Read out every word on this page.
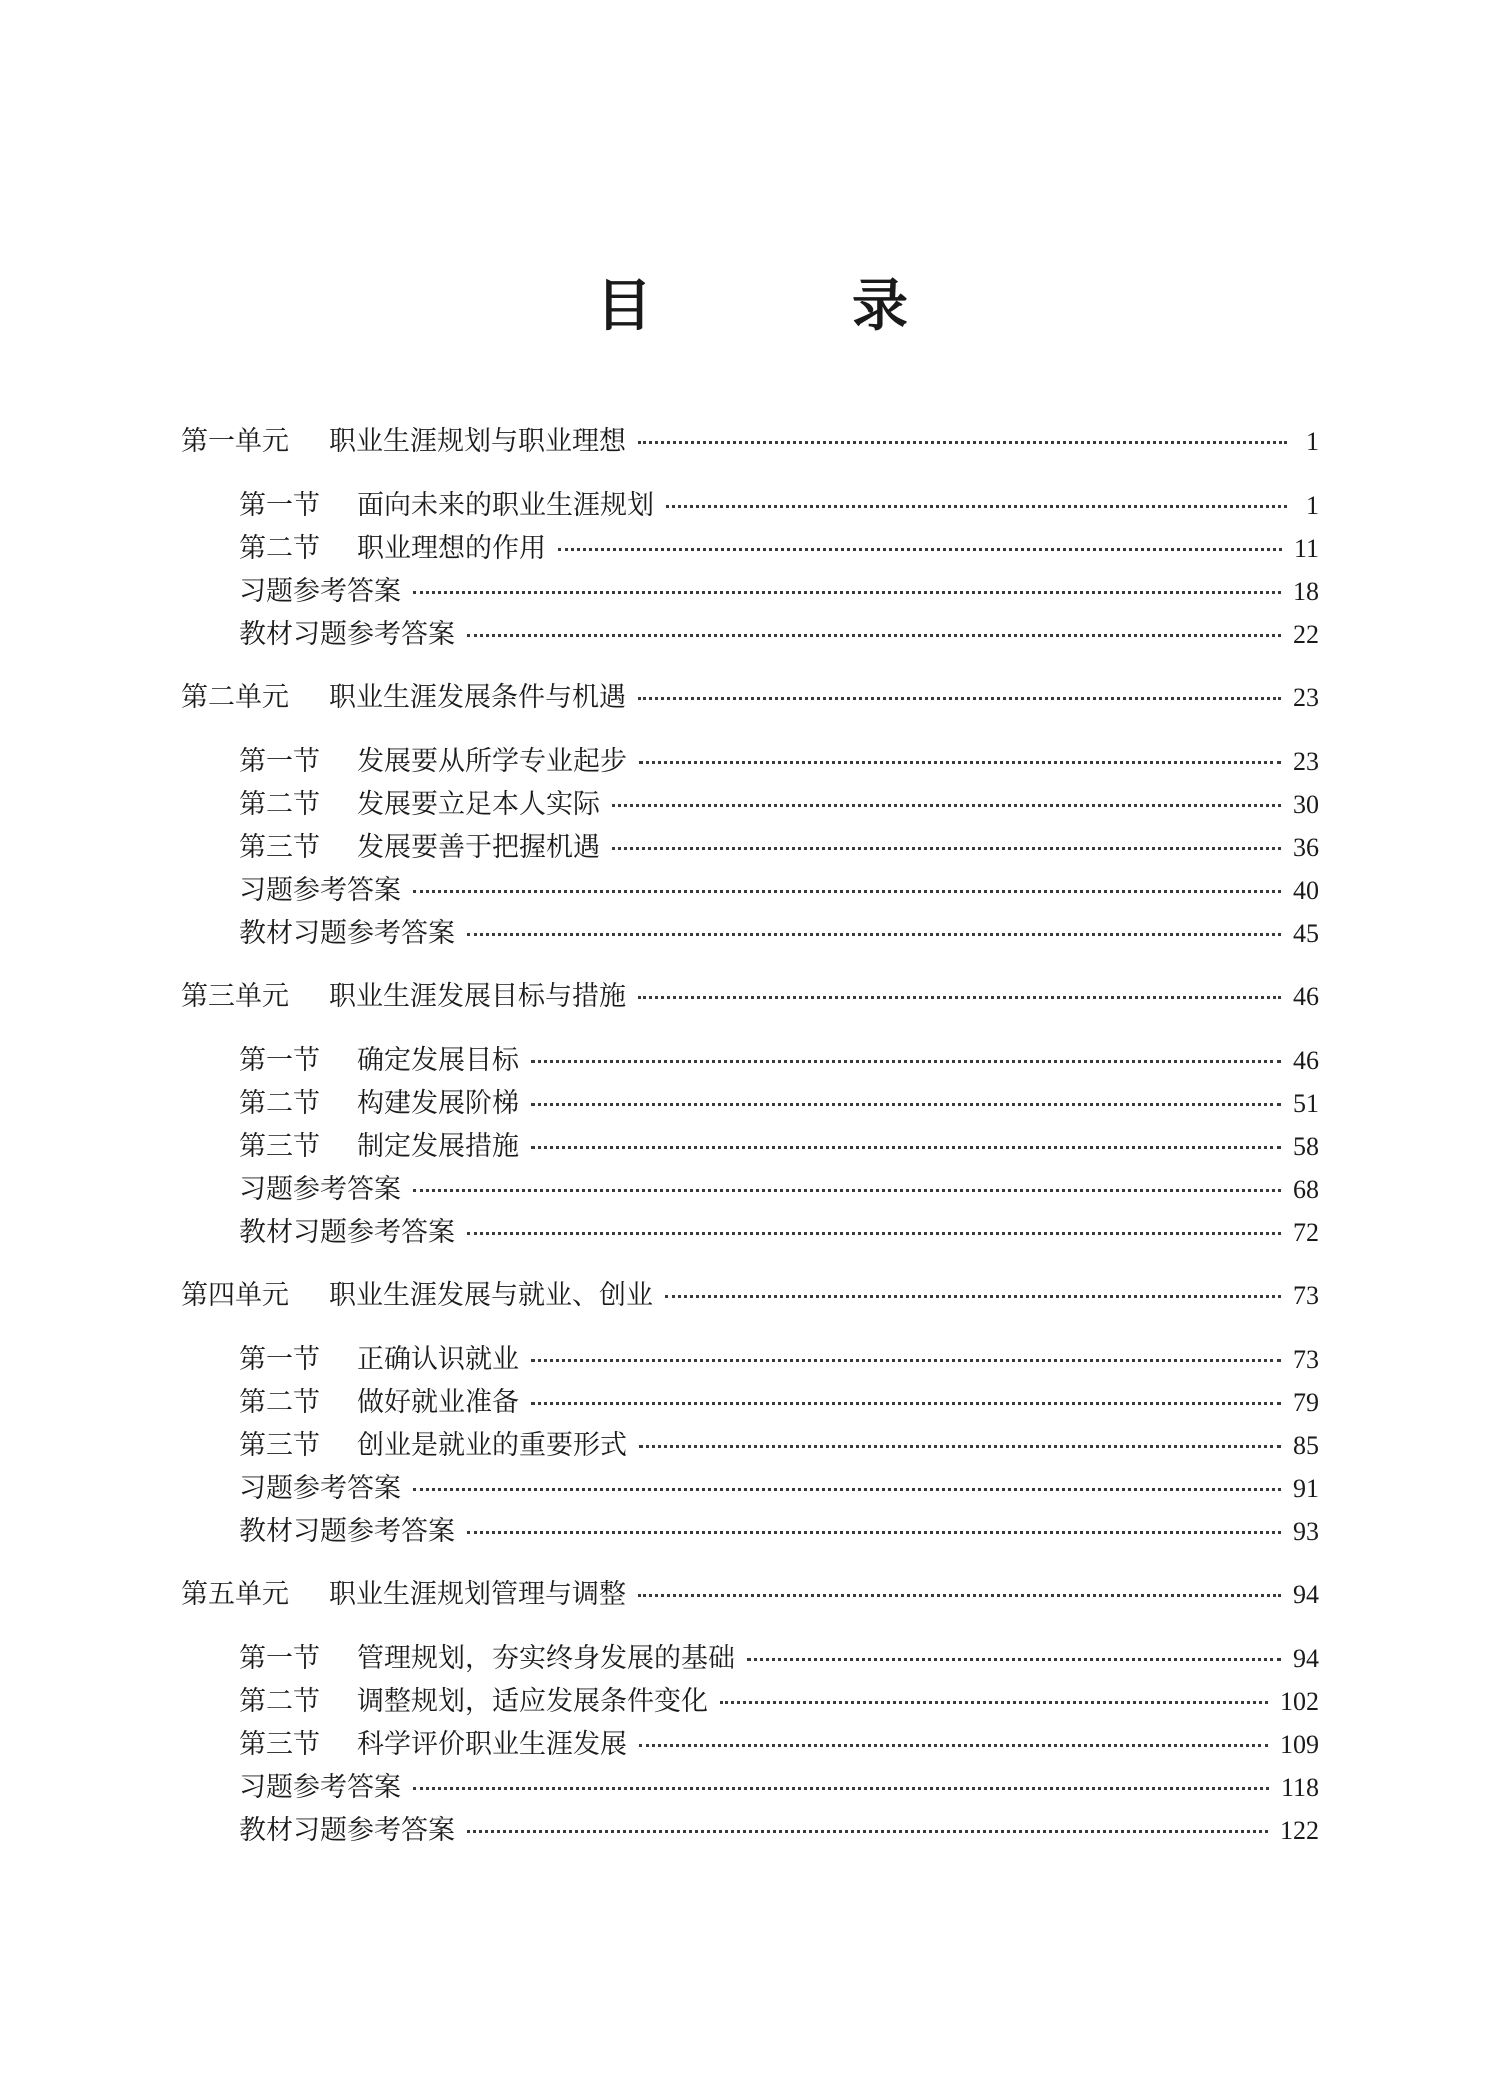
目　录
第一单元	职业生涯规划与职业理想	1
第一节	面向未来的职业生涯规划	1
第二节	职业理想的作用	11
习题参考答案	18
教材习题参考答案	22
第二单元	职业生涯发展条件与机遇	23
第一节	发展要从所学专业起步	23
第二节	发展要立足本人实际	30
第三节	发展要善于把握机遇	36
习题参考答案	40
教材习题参考答案	45
第三单元	职业生涯发展目标与措施	46
第一节	确定发展目标	46
第二节	构建发展阶梯	51
第三节	制定发展措施	58
习题参考答案	68
教材习题参考答案	72
第四单元	职业生涯发展与就业、创业	73
第一节	正确认识就业	73
第二节	做好就业准备	79
第三节	创业是就业的重要形式	85
习题参考答案	91
教材习题参考答案	93
第五单元	职业生涯规划管理与调整	94
第一节	管理规划，夯实终身发展的基础	94
第二节	调整规划，适应发展条件变化	102
第三节	科学评价职业生涯发展	109
习题参考答案	118
教材习题参考答案	122
